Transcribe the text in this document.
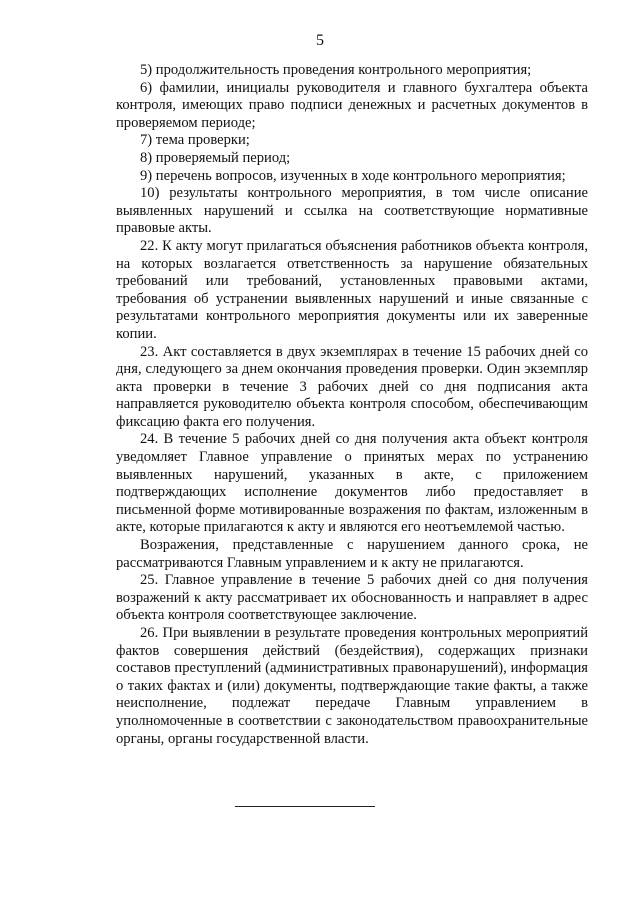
5

5) продолжительность проведения контрольного мероприятия;

6) фамилии, инициалы руководителя и главного бухгалтера объекта контроля, имеющих право подписи денежных и расчетных документов в проверяемом периоде;

7) тема проверки;

8) проверяемый период;

9) перечень вопросов, изученных в ходе контрольного мероприятия;

10) результаты контрольного мероприятия, в том числе описание выявленных нарушений и ссылка на соответствующие нормативные правовые акты.

22. К акту могут прилагаться объяснения работников объекта контроля, на которых возлагается ответственность за нарушение обязательных требований или требований, установленных правовыми актами, требования об устранении выявленных нарушений и иные связанные с результатами контрольного мероприятия документы или их заверенные копии.

23. Акт составляется в двух экземплярах в течение 15 рабочих дней со дня, следующего за днем окончания проведения проверки. Один экземпляр акта проверки в течение 3 рабочих дней со дня подписания акта направляется руководителю объекта контроля способом, обеспечивающим фиксацию факта его получения.

24. В течение 5 рабочих дней со дня получения акта объект контроля уведомляет Главное управление о принятых мерах по устранению выявленных нарушений, указанных в акте, с приложением подтверждающих исполнение документов либо предоставляет в письменной форме мотивированные возражения по фактам, изложенным в акте, которые прилагаются к акту и являются его неотъемлемой частью.

Возражения, представленные с нарушением данного срока, не рассматриваются Главным управлением и к акту не прилагаются.

25. Главное управление в течение 5 рабочих дней со дня получения возражений к акту рассматривает их обоснованность и направляет в адрес объекта контроля соответствующее заключение.

26. При выявлении в результате проведения контрольных мероприятий фактов совершения действий (бездействия), содержащих признаки составов преступлений (административных правонарушений), информация о таких фактах и (или) документы, подтверждающие такие факты, а также неисполнение, подлежат передаче Главным управлением в уполномоченные в соответствии с законодательством правоохранительные органы, органы государственной власти.
